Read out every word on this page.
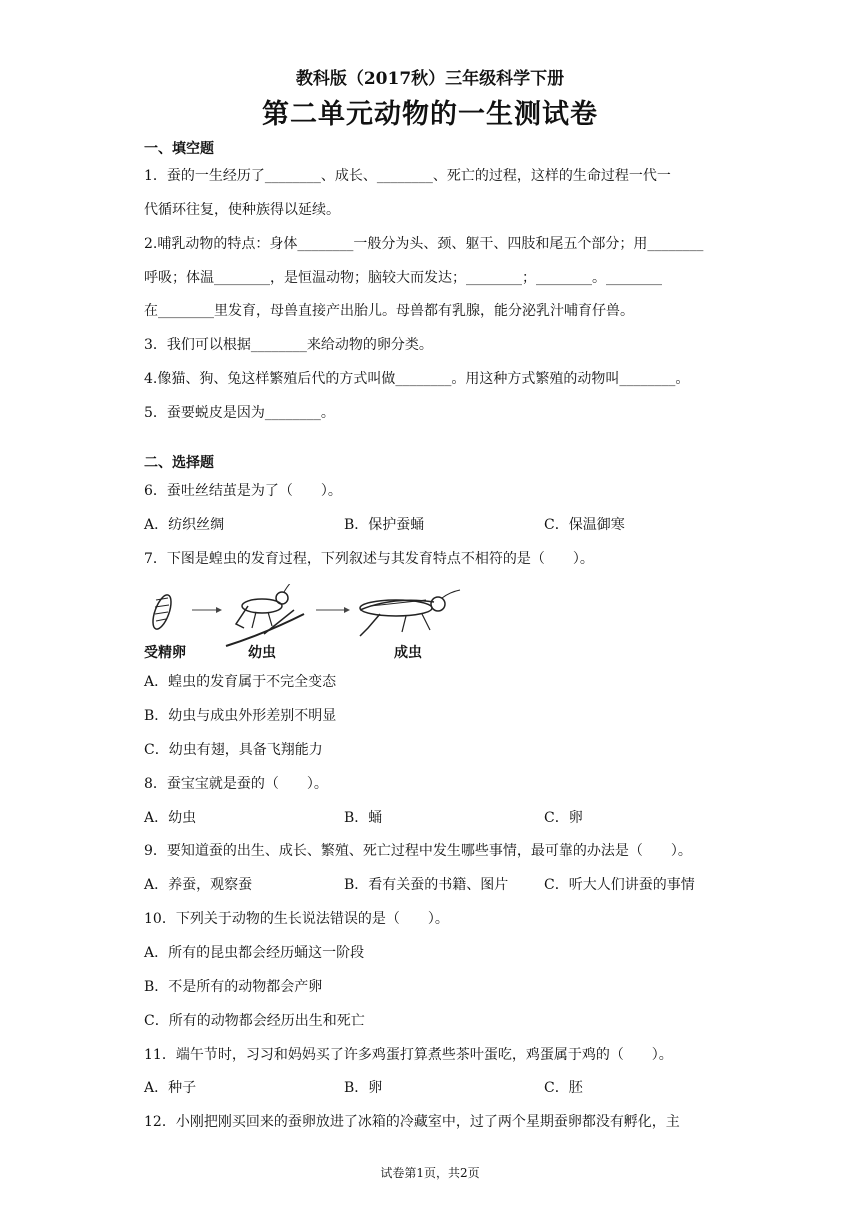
教科版（2017秋）三年级科学下册
第二单元动物的一生测试卷
一、填空题
1．蚕的一生经历了________、成长、________、死亡的过程，这样的生命过程一代一
代循环往复，使种族得以延续。
2.哺乳动物的特点：身体________一般分为头、颈、躯干、四肢和尾五个部分；用________
呼吸；体温________，是恒温动物；脑较大而发达；________；________。________
在________里发育，母兽直接产出胎儿。母兽都有乳腺，能分泌乳汁哺育仔兽。
3．我们可以根据________来给动物的卵分类。
4.像猫、狗、兔这样繁殖后代的方式叫做________。用这种方式繁殖的动物叫________。
5．蚕要蜕皮是因为________。
二、选择题
6．蚕吐丝结茧是为了（　　）。
A．纺织丝绸	B．保护蚕蛹	C．保温御寒
7．下图是蝗虫的发育过程，下列叙述与其发育特点不相符的是（　　）。
受精卵	幼虫	成虫
A．蝗虫的发育属于不完全变态
B．幼虫与成虫外形差别不明显
C．幼虫有翅，具备飞翔能力
8．蚕宝宝就是蚕的（　　）。
A．幼虫	B．蛹	C．卵
9．要知道蚕的出生、成长、繁殖、死亡过程中发生哪些事情，最可靠的办法是（　　）。
A．养蚕，观察蚕	B．看有关蚕的书籍、图片	C．听大人们讲蚕的事情
10．下列关于动物的生长说法错误的是（　　）。
A．所有的昆虫都会经历蛹这一阶段
B．不是所有的动物都会产卵
C．所有的动物都会经历出生和死亡
11．端午节时，习习和妈妈买了许多鸡蛋打算煮些茶叶蛋吃，鸡蛋属于鸡的（　　）。
A．种子	B．卵	C．胚
12．小刚把刚买回来的蚕卵放进了冰箱的冷藏室中，过了两个星期蚕卵都没有孵化，主
试卷第1页，共2页
